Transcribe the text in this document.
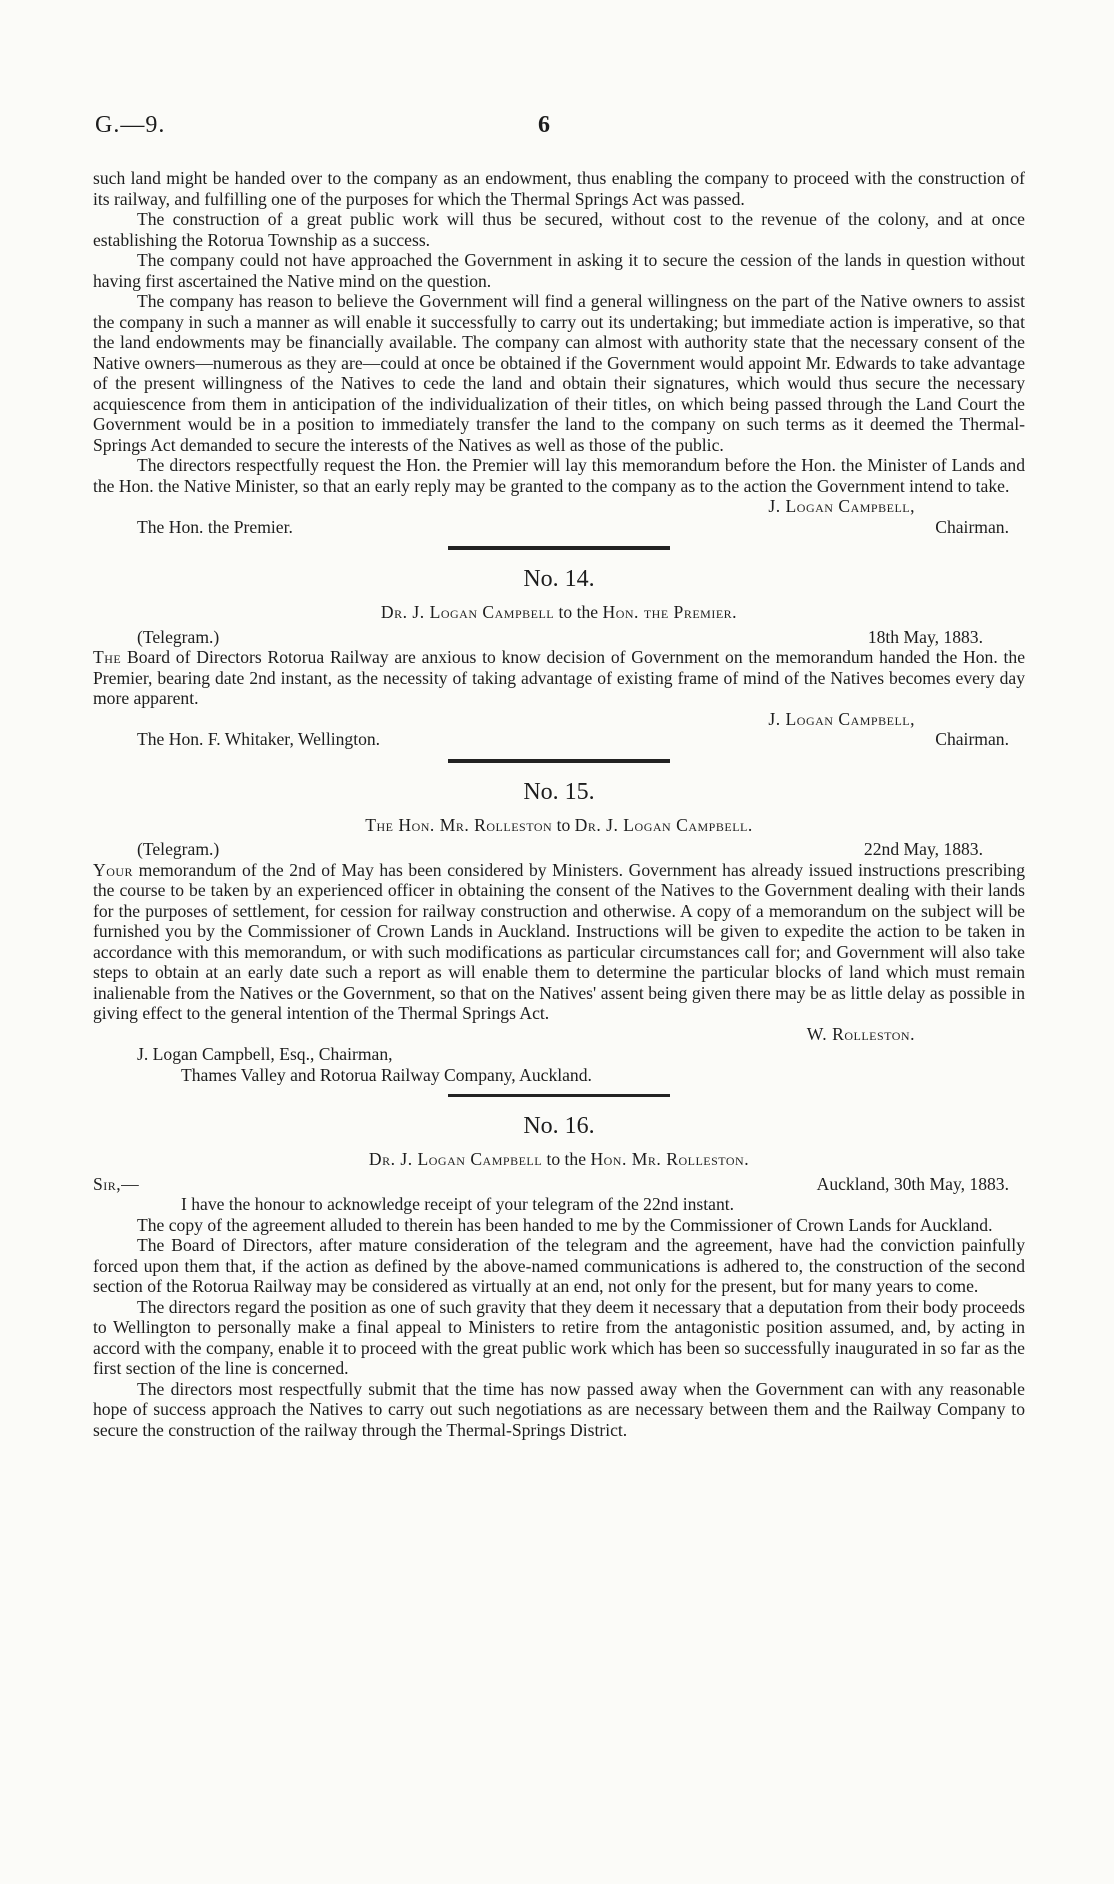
G.—9.	6

such land might be handed over to the company as an endowment, thus enabling the company to proceed with the construction of its railway, and fulfilling one of the purposes for which the Thermal Springs Act was passed.

The construction of a great public work will thus be secured, without cost to the revenue of the colony, and at once establishing the Rotorua Township as a success.

The company could not have approached the Government in asking it to secure the cession of the lands in question without having first ascertained the Native mind on the question.

The company has reason to believe the Government will find a general willingness on the part of the Native owners to assist the company in such a manner as will enable it successfully to carry out its undertaking; but immediate action is imperative, so that the land endowments may be financially available. The company can almost with authority state that the necessary consent of the Native owners—numerous as they are—could at once be obtained if the Government would appoint Mr. Edwards to take advantage of the present willingness of the Natives to cede the land and obtain their signatures, which would thus secure the necessary acquiescence from them in anticipation of the individualization of their titles, on which being passed through the Land Court the Government would be in a position to immediately transfer the land to the company on such terms as it deemed the Thermal-Springs Act demanded to secure the interests of the Natives as well as those of the public.

The directors respectfully request the Hon. the Premier will lay this memorandum before the Hon. the Minister of Lands and the Hon. the Native Minister, so that an early reply may be granted to the company as to the action the Government intend to take.

J. Logan Campbell,
The Hon. the Premier.	Chairman.
No. 14.
Dr. J. Logan Campbell to the Hon. the Premier.
(Telegram.)	18th May, 1883.

The Board of Directors Rotorua Railway are anxious to know decision of Government on the memorandum handed the Hon. the Premier, bearing date 2nd instant, as the necessity of taking advantage of existing frame of mind of the Natives becomes every day more apparent.

J. Logan Campbell,
The Hon. F. Whitaker, Wellington.	Chairman.
No. 15.
The Hon. Mr. Rolleston to Dr. J. Logan Campbell.
(Telegram.)	22nd May, 1883.

Your memorandum of the 2nd of May has been considered by Ministers. Government has already issued instructions prescribing the course to be taken by an experienced officer in obtaining the consent of the Natives to the Government dealing with their lands for the purposes of settlement, for cession for railway construction and otherwise. A copy of a memorandum on the subject will be furnished you by the Commissioner of Crown Lands in Auckland. Instructions will be given to expedite the action to be taken in accordance with this memorandum, or with such modifications as particular circumstances call for; and Government will also take steps to obtain at an early date such a report as will enable them to determine the particular blocks of land which must remain inalienable from the Natives or the Government, so that on the Natives' assent being given there may be as little delay as possible in giving effect to the general intention of the Thermal Springs Act.

W. Rolleston.
J. Logan Campbell, Esq., Chairman,
Thames Valley and Rotorua Railway Company, Auckland.
No. 16.
Dr. J. Logan Campbell to the Hon. Mr. Rolleston.
Sir,—	Auckland, 30th May, 1883.

I have the honour to acknowledge receipt of your telegram of the 22nd instant.

The copy of the agreement alluded to therein has been handed to me by the Commissioner of Crown Lands for Auckland.

The Board of Directors, after mature consideration of the telegram and the agreement, have had the conviction painfully forced upon them that, if the action as defined by the above-named communications is adhered to, the construction of the second section of the Rotorua Railway may be considered as virtually at an end, not only for the present, but for many years to come.

The directors regard the position as one of such gravity that they deem it necessary that a deputation from their body proceeds to Wellington to personally make a final appeal to Ministers to retire from the antagonistic position assumed, and, by acting in accord with the company, enable it to proceed with the great public work which has been so successfully inaugurated in so far as the first section of the line is concerned.

The directors most respectfully submit that the time has now passed away when the Government can with any reasonable hope of success approach the Natives to carry out such negotiations as are necessary between them and the Railway Company to secure the construction of the railway through the Thermal-Springs District.
